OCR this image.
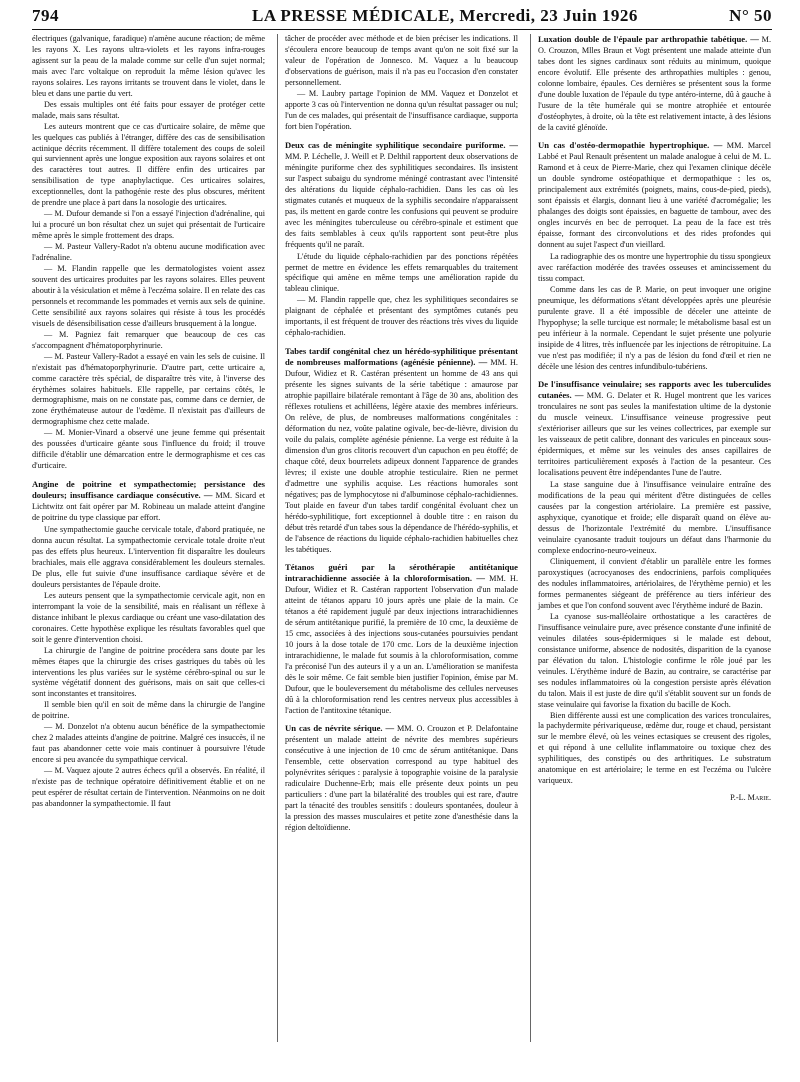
794	LA PRESSE MÉDICALE, Mercredi, 23 Juin 1926	N° 50

électriques (galvanique, faradique) n'amène aucune réaction; de même les rayons X. Les rayons ultra-violets et les rayons infra-rouges agissent sur la peau de la malade comme sur celle d'un sujet normal; mais avec l'arc voltaïque on reproduit la même lésion qu'avec les rayons solaires. Les rayons irritants se trouvent dans le violet, dans le bleu et dans une partie du vert.

Des essais multiples ont été faits pour essayer de protéger cette malade, mais sans résultat.

Les auteurs montrent que ce cas d'urticaire solaire, de même que les quelques cas publiés à l'étranger, diffère des cas de sensibilisation actinique décrits récemment. Il diffère totalement des coups de soleil qui surviennent après une longue exposition aux rayons solaires et ont des caractères tout autres. Il diffère enfin des urticaires par sensibilisation de type anaphylactique. Ces urticaires solaires, exceptionnelles, dont la pathogénie reste des plus obscures, méritent de prendre une place à part dans la nosologie des urticaires.

— M. Dufour demande si l'on a essayé l'injection d'adrénaline, qui lui a procuré un bon résultat chez un sujet qui présentait de l'urticaire même après le simple frottement des draps.

— M. Pasteur Vallery-Radot n'a obtenu aucune modification avec l'adrénaline.

— M. Flandin rappelle que les dermatologistes voient assez souvent des urticaires produites par les rayons solaires. Elles peuvent aboutir à la vésiculation et même à l'eczéma solaire. Il en relate des cas personnels et recommande les pommades et vernis aux sels de quinine. Cette sensibilité aux rayons solaires qui résiste à tous les procédés visuels de désensibilisation cesse d'ailleurs brusquement à la longue.

— M. Pagniez fait remarquer que beaucoup de ces cas s'accompagnent d'hématoporphyrinurie.

— M. Pasteur Vallery-Radot a essayé en vain les sels de cuisine. Il n'existait pas d'hématoporphyrinurie. D'autre part, cette urticaire a, comme caractère très spécial, de disparaître très vite, à l'inverse des érythèmes solaires habituels. Elle rappelle, par certains côtés, le dermographisme, mais on ne constate pas, comme dans ce dernier, de zone érythémateuse autour de l'œdème. Il n'existait pas d'ailleurs de dermographisme chez cette malade.

— M. Monier-Vinard a observé une jeune femme qui présentait des poussées d'urticaire géante sous l'influence du froid; il trouve difficile d'établir une démarcation entre le dermographisme et ces cas d'urticaire.

Angine de poitrine et sympathectomie; persistance des douleurs; insuffisance cardiaque consécutive. — MM. Sicard et Lichtwitz ont fait opérer par M. Robineau un malade atteint d'angine de poitrine du type classique par effort.

Une sympathectomie gauche cervicale totale, d'abord pratiquée, ne donna aucun résultat. La sympathectomie cervicale totale droite n'eut pas des effets plus heureux. L'intervention fit disparaître les douleurs brachiales, mais elle aggrava considérablement les douleurs sternales. De plus, elle fut suivie d'une insuffisance cardiaque sévère et de douleurs persistantes de l'épaule droite.

Les auteurs pensent que la sympathectomie cervicale agit, non en interrompant la voie de la sensibilité, mais en réalisant un réflexe à distance inhibant le plexus cardiaque ou créant une vaso-dilatation des coronaires. Cette hypothèse explique les résultats favorables quel que soit le genre d'intervention choisi.

La chirurgie de l'angine de poitrine procédera sans doute par les mêmes étapes que la chirurgie des crises gastriques du tabès où les interventions les plus variées sur le système cérébro-spinal ou sur le système végétatif donnent des guérisons, mais on sait que celles-ci sont inconstantes et transitoires.

Il semble bien qu'il en soit de même dans la chirurgie de l'angine de poitrine.

— M. Donzelot n'a obtenu aucun bénéfice de la sympathectomie chez 2 malades atteints d'angine de poitrine. Malgré ces insuccès, il ne faut pas abandonner cette voie mais continuer à poursuivre l'étude encore si peu avancée du sympathique cervical.

— M. Vaquez ajoute 2 autres échecs qu'il a observés. En réalité, il n'existe pas de technique opératoire définitivement établie et on ne peut espérer de résultat certain de l'intervention. Néanmoins on ne doit pas abandonner la sympathectomie. Il faut

tâcher de procéder avec méthode et de bien préciser les indications. Il s'écoulera encore beaucoup de temps avant qu'on ne soit fixé sur la valeur de l'opération de Jonnesco. M. Vaquez a lu beaucoup d'observations de guérison, mais il n'a pas eu l'occasion d'en constater personnellement.

— M. Laubry partage l'opinion de MM. Vaquez et Donzelot et apporte 3 cas où l'intervention ne donna qu'un résultat passager ou nul; l'un de ces malades, qui présentait de l'insuffisance cardiaque, supporta fort bien l'opération.

Deux cas de méningite syphilitique secondaire puriforme. — MM. P. Léchelle, J. Weill et P. Delthil rapportent deux observations de méningite puriforme chez des syphilitiques secondaires. Ils insistent sur l'aspect subaigu du syndrome méningé contrastant avec l'intensité des altérations du liquide céphalo-rachidien. Dans les cas où les stigmates cutanés et muqueux de la syphilis secondaire n'apparaissent pas, ils mettent en garde contre les confusions qui peuvent se produire avec les méningites tuberculeuse ou cérébro-spinale et estiment que des faits semblables à ceux qu'ils rapportent sont peut-être plus fréquents qu'il ne paraît.

L'étude du liquide céphalo-rachidien par des ponctions répétées permet de mettre en évidence les effets remarquables du traitement spécifique qui amène en même temps une amélioration rapide du tableau clinique.

— M. Flandin rappelle que, chez les syphilitiques secondaires se plaignant de céphalée et présentant des symptômes cutanés peu importants, il est fréquent de trouver des réactions très vives du liquide céphalo-rachidien.

Tabes tardif congénital chez un hérédo-syphilitique présentant de nombreuses malformations (agénésie pénienne). — MM. H. Dufour, Widiez et R. Castéran présentent un homme de 43 ans qui présente les signes suivants de la série tabétique : amaurose par atrophie papillaire bilatérale remontant à l'âge de 30 ans, abolition des réflexes rotuliens et achilléens, légère ataxie des membres inférieurs. On relève, de plus, de nombreuses malformations congénitales : déformation du nez, voûte palatine ogivale, bec-de-lièvre, division du voile du palais, complète agénésie pénienne. La verge est réduite à la dimension d'un gros clitoris recouvert d'un capuchon en peu étoffé; de chaque côté, deux bourrelets adipeux donnent l'apparence de grandes lèvres; il existe une double atrophie testiculaire. Rien ne permet d'admettre une syphilis acquise. Les réactions humorales sont négatives; pas de lymphocytose ni d'albuminose céphalo-rachidiennes. Tout plaide en faveur d'un tabes tardif congénital évoluant chez un hérédo-syphilitique, fort exceptionnel à double titre : en raison du début très retardé d'un tabes sous la dépendance de l'hérédo-syphilis, et de l'absence de réactions du liquide céphalo-rachidien habituelles chez les tabétiques.
Tétanos guéri par la sérothérapie antitétanique intrarachidienne associée à la chloroformisation. — MM. H. Dufour, Widiez et R. Castéran rapportent l'observation d'un malade atteint de tétanos apparu 10 jours après une plaie de la main. Ce tétanos a été rapidement jugulé par deux injections intrarachidiennes de sérum antitétanique purifié, la première de 10 cmc, la deuxième de 15 cmc, associées à des injections sous-cutanées poursuivies pendant 10 jours à la dose totale de 170 cmc. Lors de la deuxième injection intrarachidienne, le malade fut soumis à la chloroformisation, comme l'a préconisé l'un des auteurs il y a un an. L'amélioration se manifesta dès le soir même. Ce fait semble bien justifier l'opinion, émise par M. Dufour, que le bouleversement du métabolisme des cellules nerveuses dû à la chloroformisation rend les centres nerveux plus accessibles à l'action de l'antitoxine tétanique.
Un cas de névrite sérique. — MM. O. Crouzon et P. Delafontaine présentent un malade atteint de névrite des membres supérieurs consécutive à une injection de 10 cmc de sérum antitétanique. Dans l'ensemble, cette observation correspond au type habituel des polynévrites sériques : paralysie à topographie voisine de la paralysie radiculaire Duchenne-Erb; mais elle présente deux points un peu particuliers : d'une part la bilatéralité des troubles qui est rare, d'autre part la ténacité des troubles sensitifs : douleurs spontanées, douleur à la pression des masses musculaires et petite zone d'anesthésie dans la région deltoïdienne.
Luxation double de l'épaule par arthropathie tabétique. — M. O. Crouzon, Mlles Braun et Vogt présentent une malade atteinte d'un tabes dont les signes cardinaux sont réduits au minimum, quoique encore évolutif. Elle présente des arthropathies multiples : genou, colonne lombaire, épaules. Ces dernières se présentent sous la forme d'une double luxation de l'épaule du type antéro-interne, dû à gauche à l'usure de la tête humérale qui se montre atrophiée et entourée d'ostéophytes, à droite, où la tête est relativement intacte, à des lésions de la cavité glénoïde.
Un cas d'ostéo-dermopathie hypertrophique. — MM. Marcel Labbé et Paul Renault présentent un malade analogue à celui de M. L. Ramond et à ceux de Pierre-Marie, chez qui l'examen clinique décèle un double syndrome ostéopathique et dermopathique : les os, principalement aux extrémités (poignets, mains, cous-de-pied, pieds), sont épaissis et élargis, donnant lieu à une variété d'acromégalie; les phalanges des doigts sont épaissies, en baguette de tambour, avec des ongles incurvés en bec de perroquet. La peau de la face est très épaisse, formant des circonvolutions et des rides profondes qui donnent au sujet l'aspect d'un vieillard.

La radiographie des os montre une hypertrophie du tissu spongieux avec raréfaction modérée des travées osseuses et amincissement du tissu compact.

Comme dans les cas de P. Marie, on peut invoquer une origine pneumique, les déformations s'étant développées après une pleurésie purulente grave. Il a été impossible de déceler une atteinte de l'hypophyse; la selle turcique est normale; le métabolisme basal est un peu inférieur à la normale. Cependant le sujet présente une polyurie insipide de 4 litres, très influencée par les injections de rétropituine. La vue n'est pas modifiée; il n'y a pas de lésion du fond d'œil et rien ne décèle une lésion des centres infundibulo-tubériens.

De l'insuffisance veinulaire; ses rapports avec les tuberculides cutanées. — MM. G. Delater et R. Hugel montrent que les varices tronculaires ne sont pas seules la manifestation ultime de la dystonie du muscle veineux. L'insuffisance veineuse progressive peut s'extérioriser ailleurs que sur les veines collectrices, par exemple sur les vaisseaux de petit calibre, donnant des varicules en pinceaux sous-épidermiques, et même sur les veinules des anses capillaires de territoires particulièrement exposés à l'action de la pesanteur. Ces localisations peuvent être indépendantes l'une de l'autre.

La stase sanguine due à l'insuffisance veinulaire entraîne des modifications de la peau qui méritent d'être distinguées de celles causées par la congestion artériolaire. La première est passive, asphyxique, cyanotique et froide; elle disparaît quand on élève au-dessus de l'horizontale l'extrémité du membre. L'insuffisance veinulaire cyanosante traduit toujours un défaut dans l'harmonie du complexe endocrino-neuro-veineux.

Cliniquement, il convient d'établir un parallèle entre les formes paroxystiques (acrocyanoses des endocriniens, parfois compliquées des nodules inflammatoires, artériolaires, de l'érythème pernio) et les formes permanentes siégeant de préférence au tiers inférieur des jambes et que l'on confond souvent avec l'érythème induré de Bazin.

La cyanose sus-malléolaire orthostatique a les caractères de l'insuffisance veinulaire pure, avec présence constante d'une infinité de veinules dilatées sous-épidermiques si le malade est debout, consistance uniforme, absence de nodosités, disparition de la cyanose par élévation du talon. L'histologie confirme le rôle joué par les veinules. L'érythème induré de Bazin, au contraire, se caractérise par ses nodules inflammatoires où la congestion persiste après élévation du talon. Mais il est juste de dire qu'il s'établit souvent sur un fonds de stase veinulaire qui favorise la fixation du bacille de Koch.

Bien différente aussi est une complication des varices tronculaires, la pachydermite périvariqueuse, œdème dur, rouge et chaud, persistant sur le membre élevé, où les veines ectasiques se creusent des rigoles, et qui répond à une cellulite inflammatoire ou toxique chez des syphilitiques, des constipés ou des arthritiques. Le substratum anatomique en est artériolaire; le terme en est l'eczéma ou l'ulcère variqueux.

P.-L. Marie.
